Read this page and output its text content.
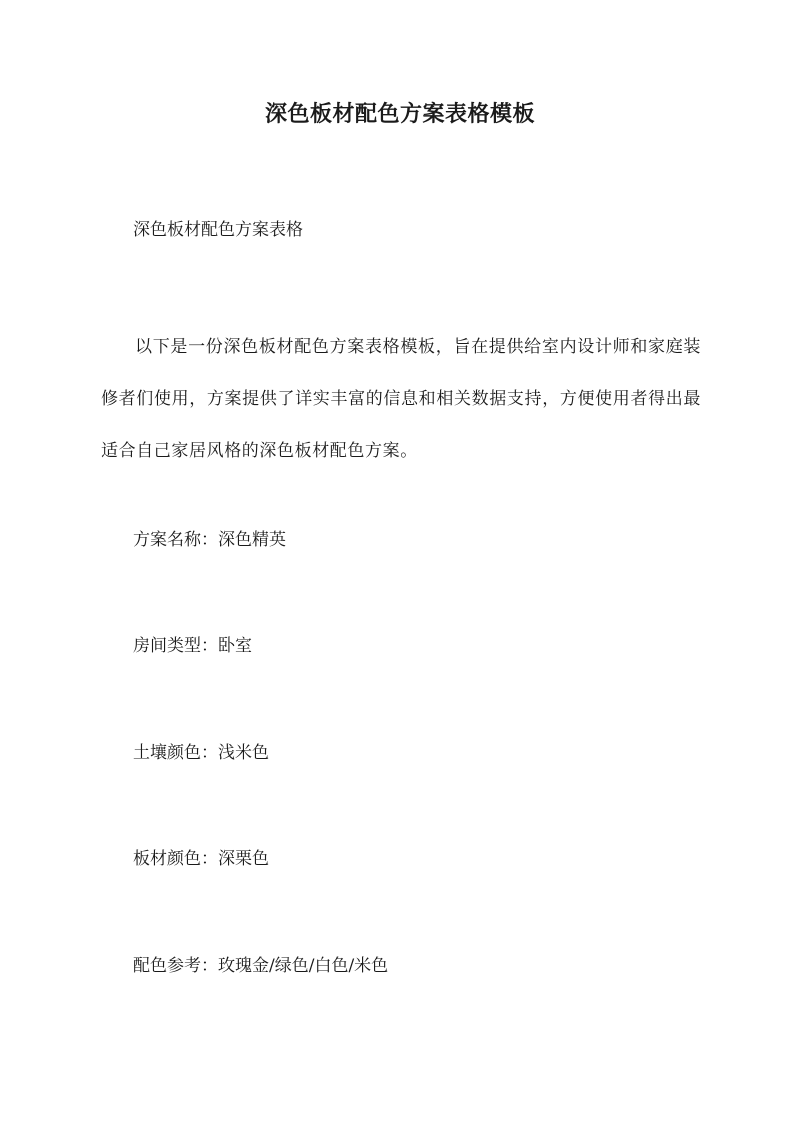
深色板材配色方案表格模板
深色板材配色方案表格
以下是一份深色板材配色方案表格模板，旨在提供给室内设计师和家庭装修者们使用，方案提供了详实丰富的信息和相关数据支持，方便使用者得出最适合自己家居风格的深色板材配色方案。
方案名称：深色精英
房间类型：卧室
土壤颜色：浅米色
板材颜色：深栗色
配色参考：玫瑰金/绿色/白色/米色
